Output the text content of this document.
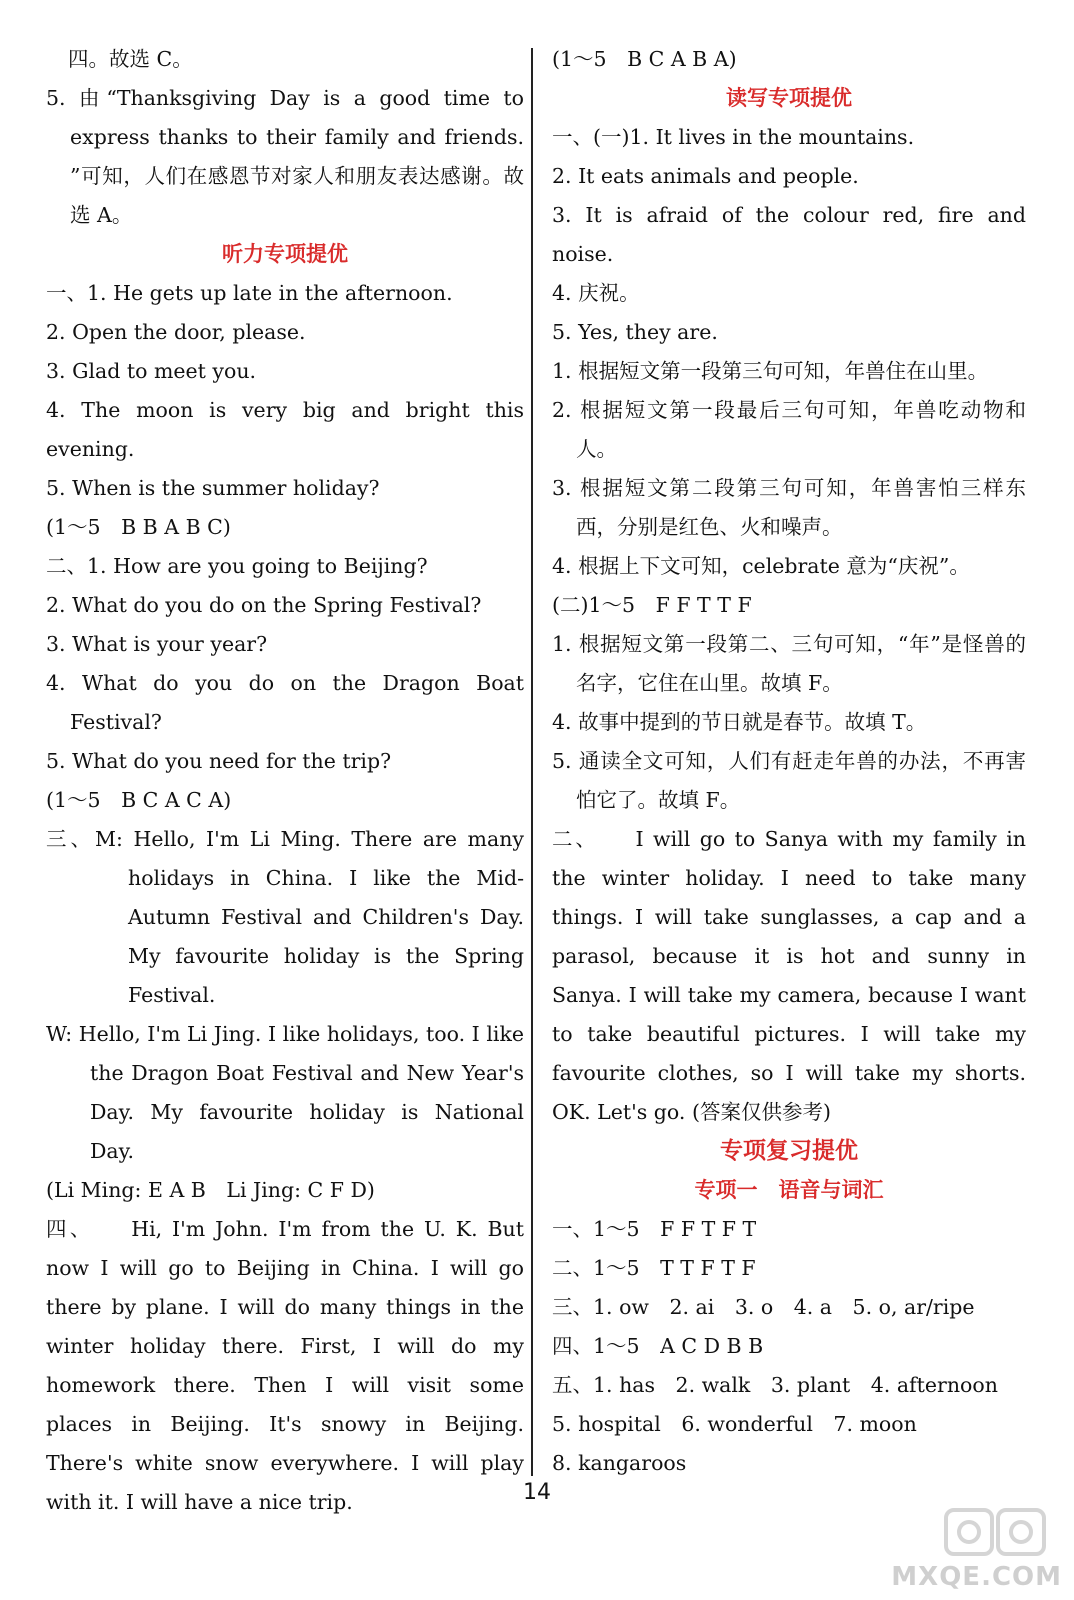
四。故选 C。

5. 由“Thanksgiving Day is a good time to express thanks to their family and friends. ”可知，人们在感恩节对家人和朋友表达感谢。故选 A。

听力专项提优

一、1. He gets up late in the afternoon.

2. Open the door, please.

3. Glad to meet you.

4. The moon is very big and bright this evening.

5. When is the summer holiday?

(1～5　B B A B C)

二、1. How are you going to Beijing?

2. What do you do on the Spring Festival?

3. What is your year?

4. What do you do on the Dragon Boat Festival?

5. What do you need for the trip?

(1～5　B C A C A)

三、M: Hello, I'm Li Ming. There are many holidays in China. I like the Mid-Autumn Festival and Children's Day. My favourite holiday is the Spring Festival.

W: Hello, I'm Li Jing. I like holidays, too. I like the Dragon Boat Festival and New Year's Day. My favourite holiday is National Day.

(Li Ming: E A B　Li Jing: C F D)

四、　　Hi, I'm John. I'm from the U. K. But now I will go to Beijing in China. I will go there by plane. I will do many things in the winter holiday there. First, I will do my homework there. Then I will visit some places in Beijing. It's snowy in Beijing. There's white snow everywhere. I will play with it. I will have a nice trip.

(1～5　B C A B A)

读写专项提优

一、(一)1. It lives in the mountains.

2. It eats animals and people.

3. It is afraid of the colour red, fire and noise.

4. 庆祝。

5. Yes, they are.

1. 根据短文第一段第三句可知，年兽住在山里。

2. 根据短文第一段最后三句可知，年兽吃动物和人。

3. 根据短文第二段第三句可知，年兽害怕三样东西，分别是红色、火和噪声。

4. 根据上下文可知，celebrate 意为“庆祝”。

(二)1～5　F F T T F

1. 根据短文第一段第二、三句可知，“年”是怪兽的名字，它住在山里。故填 F。

4. 故事中提到的节日就是春节。故填 T。

5. 通读全文可知，人们有赶走年兽的办法，不再害怕它了。故填 F。

二、　　I will go to Sanya with my family in the winter holiday. I need to take many things. I will take sunglasses, a cap and a parasol, because it is hot and sunny in Sanya. I will take my camera, because I want to take beautiful pictures. I will take my favourite clothes, so I will take my shorts. OK. Let's go. (答案仅供参考)

专项复习提优

专项一　语音与词汇

一、1～5　F F T F T

二、1～5　T T F T F

三、1. ow　2. ai　3. o　4. a　5. o, ar/ripe

四、1～5　A C D B B

五、1. has　2. walk　3. plant　4. afternoon

5. hospital　6. wonderful　7. moon

8. kangaroos

14
MXQE.COM
